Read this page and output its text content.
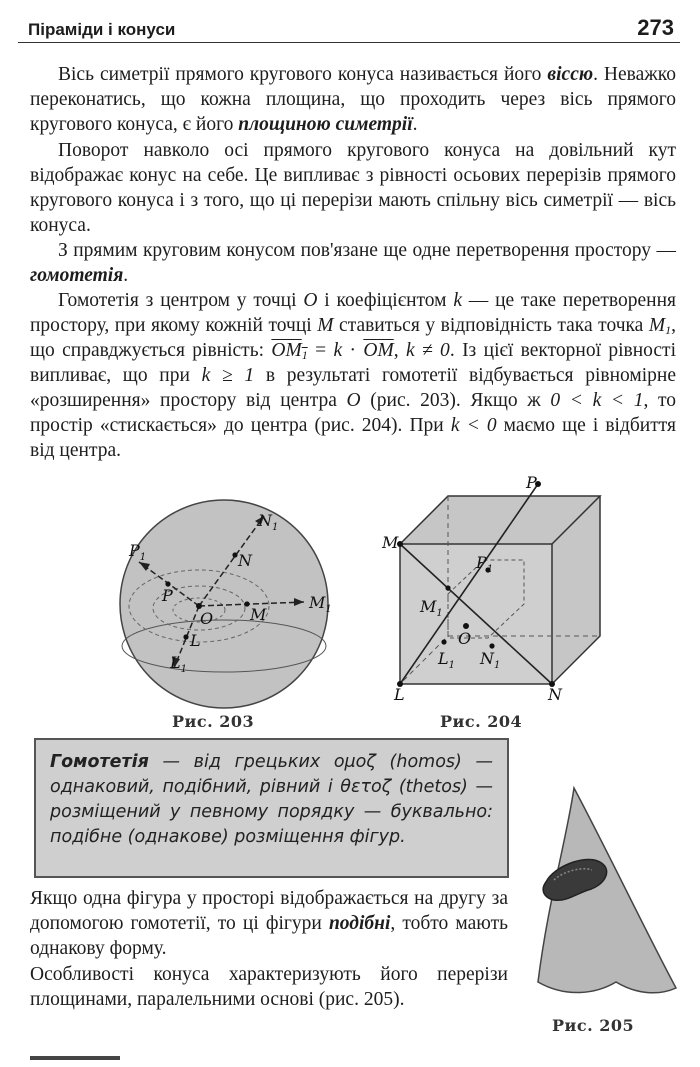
Піраміди і конуси	273

Вісь симетрії прямого кругового конуса називається його віссю. Неважко переконатись, що кожна площина, що проходить через вісь прямого кругового конуса, є його площиною симетрії.

Поворот навколо осі прямого кругового конуса на довільний кут відображає конус на себе. Це випливає з рівності осьових перерізів прямого кругового конуса і з того, що ці перерізи мають спільну вісь симетрії — вісь конуса.

З прямим круговим конусом пов'язане ще одне перетворення простору — гомотетія.

Гомотетія з центром у точці O і коефіцієнтом k — це таке перетворення простору, при якому кожній точці M ставиться у відповідність така точка $M_1$, що справджується рівність: $OM_1 = k \cdot \overline{OM}$, k ≠ 0. Із цієї векторної рівності випливає, що при k ≥ 1 в результаті гомотетії відбувається рівномірне «розширення» простору від центра O (рис. 203). Якщо ж 0 < k < 1, то простір «стискається» до центра (рис. 204). При k < 0 маємо ще і відбиття від центра.

$P_1$
P
O M
$M_1$
N
$N_1$
L
$L_1$
Рис. 203
P
$P_1$
M
$M_1$
O
$L_1$ $N_1$
L	N
Рис. 204

Гомотетія — від грецьких ομοζ (homos) — однаковий, подібний, рівний і θετοζ (thetos) — розміщений у певному порядку — буквально: подібне (однакове) розміщення фігур.

Рис. 205

Якщо одна фігура у просторі відображається на другу за допомогою гомотетії, то ці фігури подібні, тобто мають однакову форму.

Особливості конуса характеризують його перерізи площинами, паралельними основі (рис. 205).
